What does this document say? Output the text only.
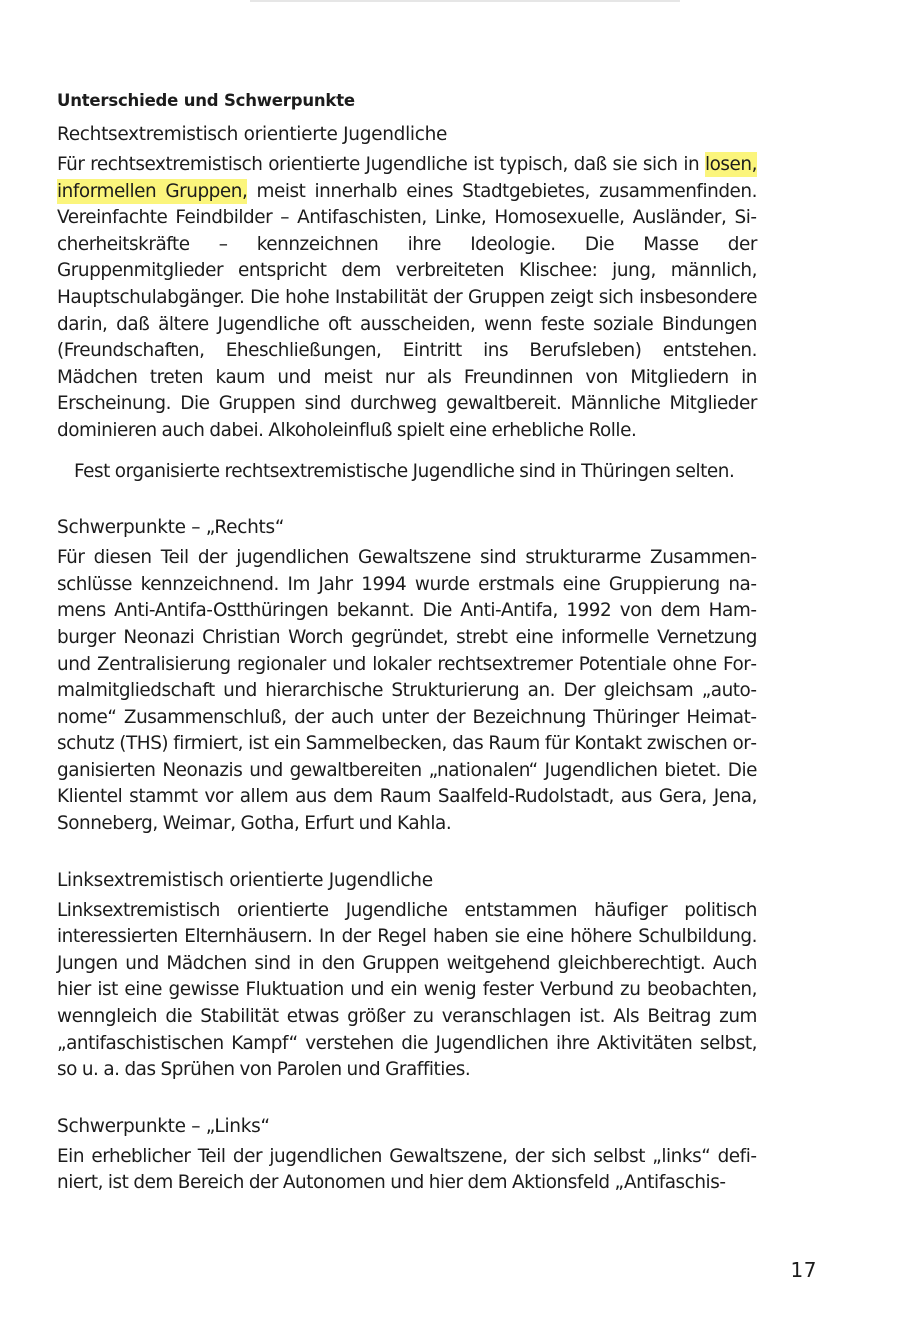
Unterschiede und Schwerpunkte
Rechtsextremistisch orientierte Jugendliche

Für rechtsextremistisch orientierte Jugendliche ist typisch, daß sie sich in losen, informellen Gruppen, meist innerhalb eines Stadtgebietes, zusammenfinden. Vereinfachte Feindbilder – Antifaschisten, Linke, Homosexuelle, Ausländer, Sicherheitskräfte – kennzeichnen ihre Ideologie. Die Masse der Gruppenmitglieder entspricht dem verbreiteten Klischee: jung, männlich, Hauptschulabgänger. Die hohe Instabilität der Gruppen zeigt sich insbesondere darin, daß ältere Jugendliche oft ausscheiden, wenn feste soziale Bindungen (Freundschaften, Eheschließungen, Eintritt ins Berufsleben) entstehen. Mädchen treten kaum und meist nur als Freundinnen von Mitgliedern in Erscheinung. Die Gruppen sind durchweg gewaltbereit. Männliche Mitglieder dominieren auch dabei. Alkoholeinfluß spielt eine erhebliche Rolle.

Fest organisierte rechtsextremistische Jugendliche sind in Thüringen selten.

Schwerpunkte – „Rechts“

Für diesen Teil der jugendlichen Gewaltszene sind strukturarme Zusammenschlüsse kennzeichnend. Im Jahr 1994 wurde erstmals eine Gruppierung namens Anti-Antifa-Ostthüringen bekannt. Die Anti-Antifa, 1992 von dem Hamburger Neonazi Christian Worch gegründet, strebt eine informelle Vernetzung und Zentralisierung regionaler und lokaler rechtsextremer Potentiale ohne Formalmitgliedschaft und hierarchische Strukturierung an. Der gleichsam „autonome“ Zusammenschluß, der auch unter der Bezeichnung Thüringer Heimatschutz (THS) firmiert, ist ein Sammelbecken, das Raum für Kontakt zwischen organisierten Neonazis und gewaltbereiten „nationalen“ Jugendlichen bietet. Die Klientel stammt vor allem aus dem Raum Saalfeld-Rudolstadt, aus Gera, Jena, Sonneberg, Weimar, Gotha, Erfurt und Kahla.

Linksextremistisch orientierte Jugendliche

Linksextremistisch orientierte Jugendliche entstammen häufiger politisch interessierten Elternhäusern. In der Regel haben sie eine höhere Schulbildung. Jungen und Mädchen sind in den Gruppen weitgehend gleichberechtigt. Auch hier ist eine gewisse Fluktuation und ein wenig fester Verbund zu beobachten, wenngleich die Stabilität etwas größer zu veranschlagen ist. Als Beitrag zum „antifaschistischen Kampf“ verstehen die Jugendlichen ihre Aktivitäten selbst, so u. a. das Sprühen von Parolen und Graffities.

Schwerpunkte – „Links“

Ein erheblicher Teil der jugendlichen Gewaltszene, der sich selbst „links“ definiert, ist dem Bereich der Autonomen und hier dem Aktionsfeld „Antifaschis-

17
